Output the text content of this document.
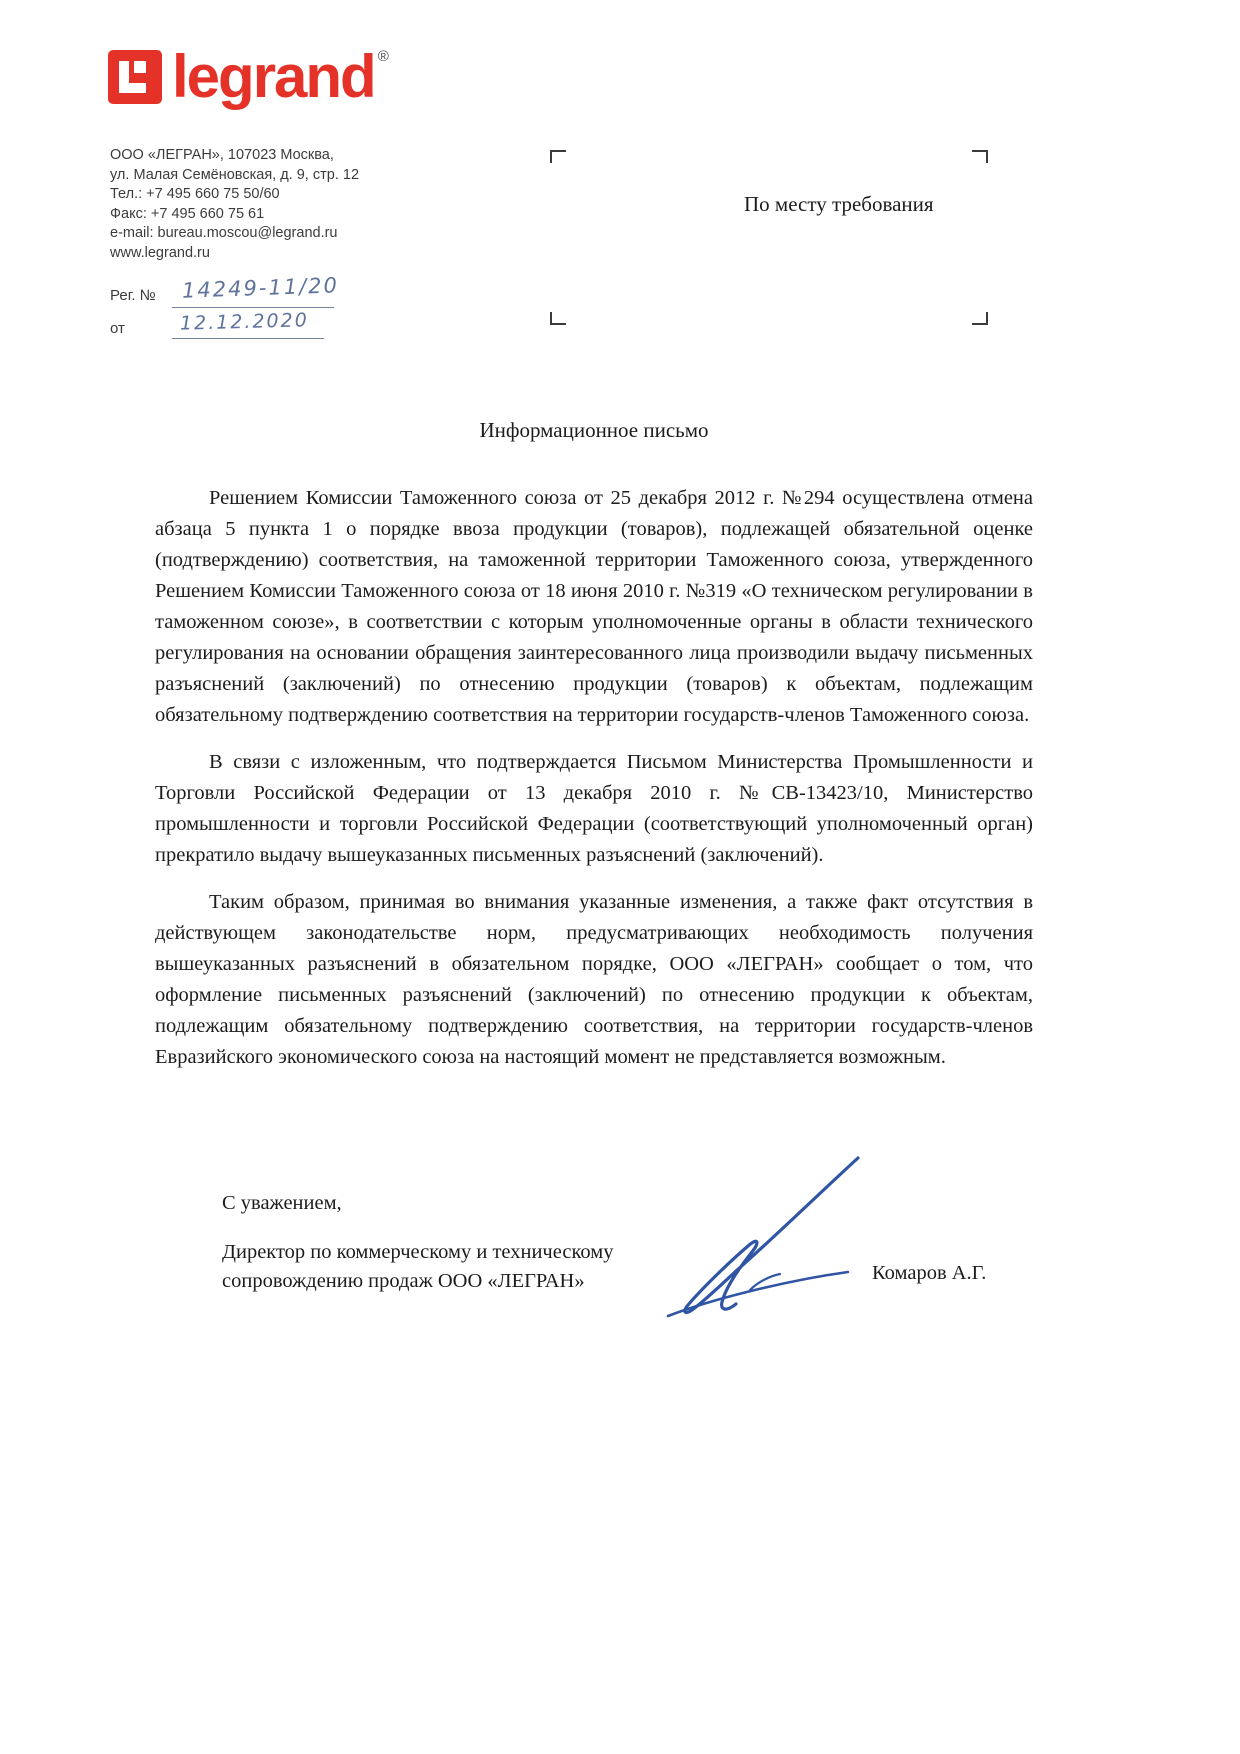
legrand ®
ООО «ЛЕГРАН», 107023 Москва,
ул. Малая Семёновская, д. 9, стр. 12
Тел.: +7 495 660 75 50/60
Факс: +7 495 660 75 61
e-mail: bureau.moscou@legrand.ru
www.legrand.ru
Рег. № 14249-11/20
от	12.12.2020
По месту требования
Информационное письмо

Решением Комиссии Таможенного союза от 25 декабря 2012 г. №294 осуществлена отмена абзаца 5 пункта 1 о порядке ввоза продукции (товаров), подлежащей обязательной оценке (подтверждению) соответствия, на таможенной территории Таможенного союза, утвержденного Решением Комиссии Таможенного союза от 18 июня 2010 г. №319 «О техническом регулировании в таможенном союзе», в соответствии с которым уполномоченные органы в области технического регулирования на основании обращения заинтересованного лица производили выдачу письменных разъяснений (заключений) по отнесению продукции (товаров) к объектам, подлежащим обязательному подтверждению соответствия на территории государств-членов Таможенного союза.

В связи с изложенным, что подтверждается Письмом Министерства Промышленности и Торговли Российской Федерации от 13 декабря 2010 г. №СВ-13423/10, Министерство промышленности и торговли Российской Федерации (соответствующий уполномоченный орган) прекратило выдачу вышеуказанных письменных разъяснений (заключений).

Таким образом, принимая во внимания указанные изменения, а также факт отсутствия в действующем законодательстве норм, предусматривающих необходимость получения вышеуказанных разъяснений в обязательном порядке, ООО «ЛЕГРАН» сообщает о том, что оформление письменных разъяснений (заключений) по отнесению продукции к объектам, подлежащим обязательному подтверждению соответствия, на территории государств-членов Евразийского экономического союза на настоящий момент не представляется возможным.

С уважением,
Директор по коммерческому и техническому сопровождению продаж ООО «ЛЕГРАН»	Комаров А.Г.
